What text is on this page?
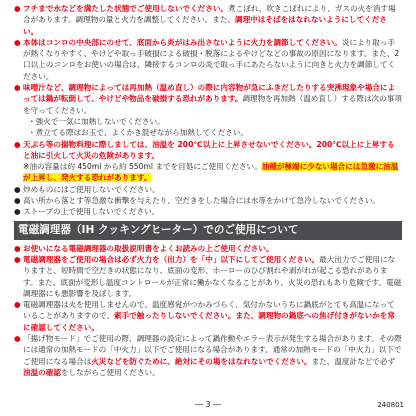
● フチまで水などを満たした状態でご使用しないでください。煮こぼれ、吹きこぼれにより、ガスの火を消す場合があります。調理物の量と火力を調整してください。また、調理中はそばをはなれないようにしてください。
● 本体はコンロの中央部にのせて、底面から炎がはみ出さないように火力を調節してください。炎により取っ手が熱くなりやすく、やけどや取っ手破損による破損・脱落によるやけどなどの事故の原因になります。また、2口以上のコンロをお使いの場合は、隣接するコンロの炎で取っ手にあたらないように向きと火力を調節してください。
● 味噌汁など、調理物によっては再加熱（温め直し）の際に内容物が急にふきだしたりする突沸現象や場合によっては鍋が転倒して、やけどや物品を破損する恐れがあります。調理物を再加熱（温め直し）する際は次の事項を守ってください。
・強火で一気に加熱しないでください。
・煮立てる際はお玉で、よくかき混ぜながら加熱してください。
● 天ぷら等の揚物料理に際しましては、油温を 200℃以上に上昇させないでください。200℃以上に上昇すると油に引火して火災の危険があります。
※油の容量は約 450ml から約 550ml までを目処にご使用ください。油種が極端に少ない場合には急激に油温が上昇し、発火する恐れがあります。
● 炒めものにはご使用しないでください。
● 高い所から落とす等急激な衝撃を与えたり、空だきをした場合には水等をかけて急冷しないでください。
● ストーブの上で使用しないでください。
電磁調理器（IH クッキングヒーター）でのご使用について
● お使いになる電磁調理器の取扱説明書をよくお読みの上ご使用ください。
● 電磁調理器をご使用の場合は必ず火力を（出力）を「中」以下にしてご使用ください。最大出力でご使用になりますと、短時間で空だきの状態になり、底面の変形、ホーローのひび割れや剥がれが起こる恐れがあります。また、底面が変形し温度コントロールが正常に働かなくなることがあり、火災の恐れもあり危険です。電磁調理器にも悪影響を及ぼします。
● 電磁調理器は火を使用しませんので、温度感覚がつかみづらく、気付かないうちに鍋底がとても高温になっていることがありますので、素手で触ったりしないでください。また、調理物の鍋底への焦げ付きがないかを常に確認してください。
● 「揚げ物モード」でご使用の際、調理器の設定によって鍋作動やエラー表示が発生する場合があります。その際には通常の加熱モードの「中火力」以下でご使用になる場合があります。通常の加熱モードの「中火力」以下でご使用になる場合は火災などを防ぐために、絶対にその場をはなれないでください。また、温度計などで必ず油温の確認をしながらご使用ください。
― 3 ―	240801
